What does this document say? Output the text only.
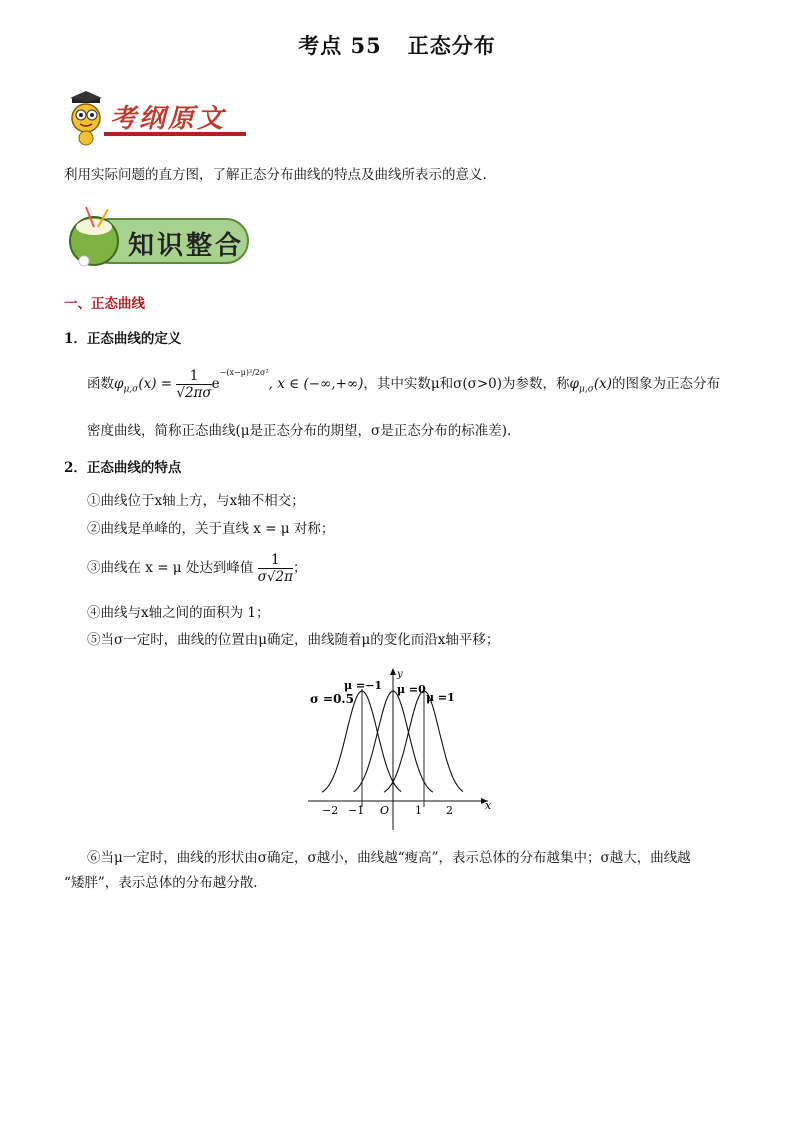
考点 55 正态分布
考纲原文
利用实际问题的直方图，了解正态分布曲线的特点及曲线所表示的意义.
知识整合
一、正态曲线
1．正态曲线的定义
函数$\varphi_{\mu,\sigma}(x) = \frac{1}{√2\pi\sigma} e^{-(x-\mu)^2/2\sigma^2}$, x ∈ (−∞,+∞)，其中实数μ和σ(σ>0)为参数，称$\varphi_{\mu,\sigma}(x)$的图象为正态分布
密度曲线，简称正态曲线(μ是正态分布的期望，σ是正态分布的标准差).
2．正态曲线的特点
①曲线位于x轴上方，与x轴不相交；
②曲线是单峰的，关于直线 x = μ 对称；
③曲线在 x = μ 处达到峰值 $\frac{1}{\sigma√2\pi}$ ；
④曲线与x轴之间的面积为 1；
⑤当σ一定时，曲线的位置由μ确定，曲线随着μ的变化而沿x轴平移；
x
y
σ =0.5
μ =−1 μ =0
μ =1
−2 −1 O 1 2
⑥当μ一定时，曲线的形状由σ确定，σ越小，曲线越“瘦高”，表示总体的分布越集中；σ越大，曲线越
“矮胖”，表示总体的分布越分散.
